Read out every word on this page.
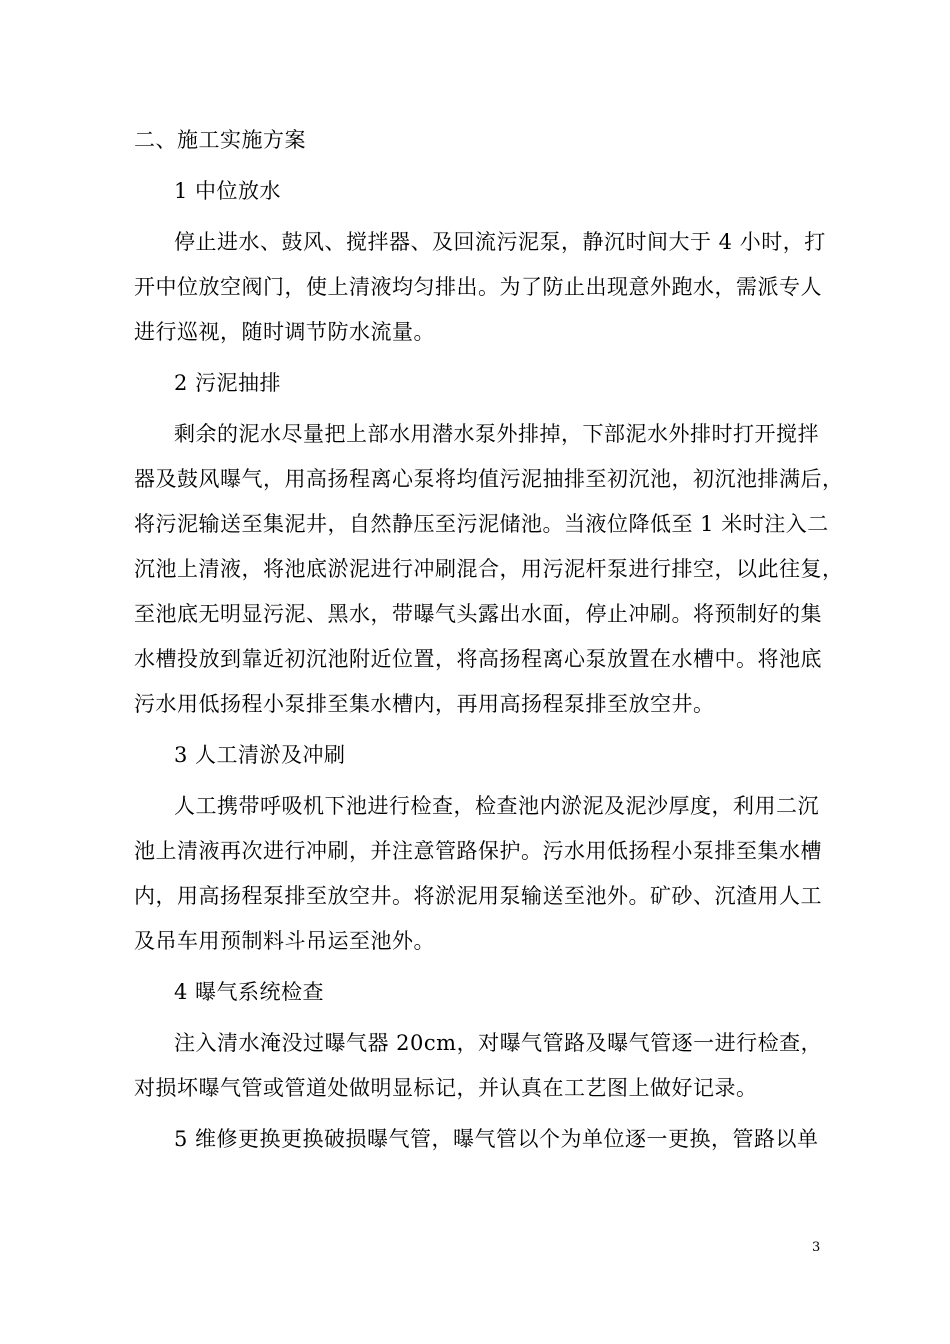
二、施工实施方案
1 中位放水
停止进水、鼓风、搅拌器、及回流污泥泵，静沉时间大于 4 小时，打
开中位放空阀门，使上清液均匀排出。为了防止出现意外跑水，需派专人
进行巡视，随时调节防水流量。
2 污泥抽排
剩余的泥水尽量把上部水用潜水泵外排掉，下部泥水外排时打开搅拌
器及鼓风曝气，用高扬程离心泵将均值污泥抽排至初沉池，初沉池排满后，
将污泥输送至集泥井，自然静压至污泥储池。当液位降低至 1 米时注入二
沉池上清液，将池底淤泥进行冲刷混合，用污泥杆泵进行排空，以此往复，
至池底无明显污泥、黑水，带曝气头露出水面，停止冲刷。将预制好的集
水槽投放到靠近初沉池附近位置，将高扬程离心泵放置在水槽中。将池底
污水用低扬程小泵排至集水槽内，再用高扬程泵排至放空井。
3 人工清淤及冲刷
人工携带呼吸机下池进行检查，检查池内淤泥及泥沙厚度，利用二沉
池上清液再次进行冲刷，并注意管路保护。污水用低扬程小泵排至集水槽
内，用高扬程泵排至放空井。将淤泥用泵输送至池外。矿砂、沉渣用人工
及吊车用预制料斗吊运至池外。
4 曝气系统检查
注入清水淹没过曝气器 20cm，对曝气管路及曝气管逐一进行检查，
对损坏曝气管或管道处做明显标记，并认真在工艺图上做好记录。
5 维修更换更换破损曝气管，曝气管以个为单位逐一更换，管路以单
3
